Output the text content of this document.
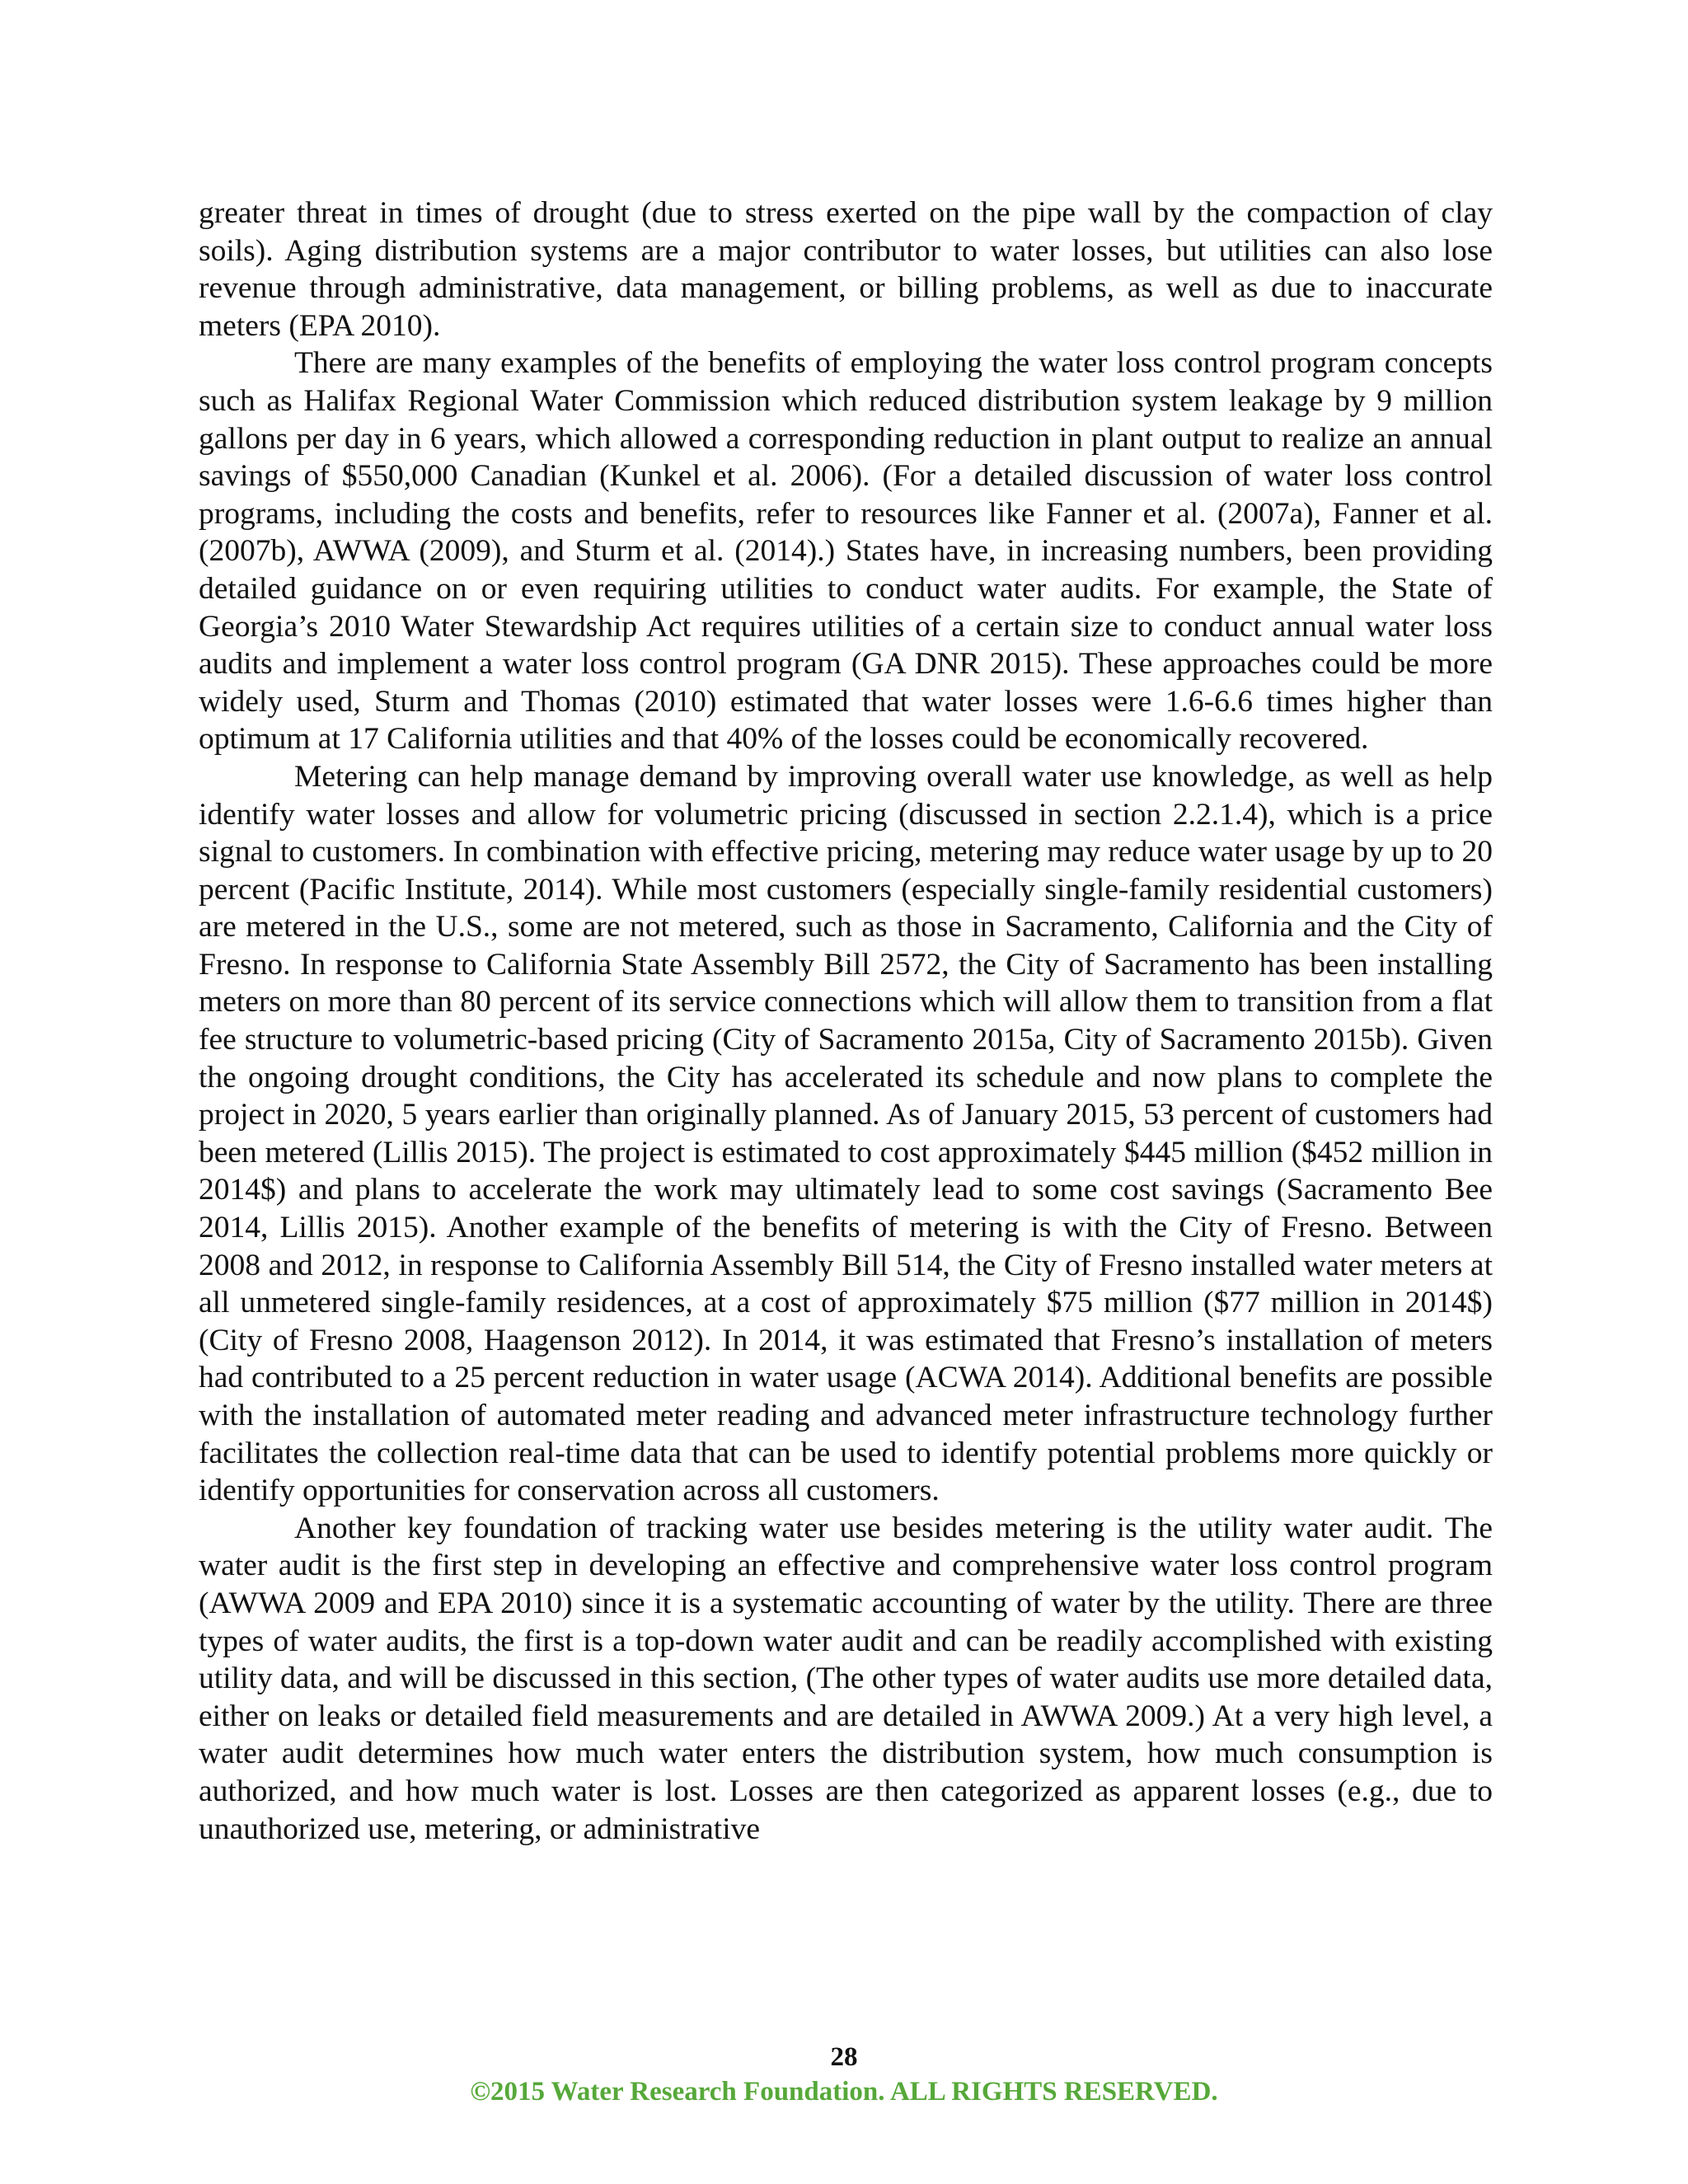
greater threat in times of drought (due to stress exerted on the pipe wall by the compaction of clay soils). Aging distribution systems are a major contributor to water losses, but utilities can also lose revenue through administrative, data management, or billing problems, as well as due to inaccurate meters (EPA 2010).

There are many examples of the benefits of employing the water loss control program concepts such as Halifax Regional Water Commission which reduced distribution system leakage by 9 million gallons per day in 6 years, which allowed a corresponding reduction in plant output to realize an annual savings of $550,000 Canadian (Kunkel et al. 2006). (For a detailed discussion of water loss control programs, including the costs and benefits, refer to resources like Fanner et al. (2007a), Fanner et al. (2007b), AWWA (2009), and Sturm et al. (2014).) States have, in increasing numbers, been providing detailed guidance on or even requiring utilities to conduct water audits. For example, the State of Georgia’s 2010 Water Stewardship Act requires utilities of a certain size to conduct annual water loss audits and implement a water loss control program (GA DNR 2015). These approaches could be more widely used, Sturm and Thomas (2010) estimated that water losses were 1.6-6.6 times higher than optimum at 17 California utilities and that 40% of the losses could be economically recovered.

Metering can help manage demand by improving overall water use knowledge, as well as help identify water losses and allow for volumetric pricing (discussed in section 2.2.1.4), which is a price signal to customers. In combination with effective pricing, metering may reduce water usage by up to 20 percent (Pacific Institute, 2014). While most customers (especially single-family residential customers) are metered in the U.S., some are not metered, such as those in Sacramento, California and the City of Fresno. In response to California State Assembly Bill 2572, the City of Sacramento has been installing meters on more than 80 percent of its service connections which will allow them to transition from a flat fee structure to volumetric-based pricing (City of Sacramento 2015a, City of Sacramento 2015b). Given the ongoing drought conditions, the City has accelerated its schedule and now plans to complete the project in 2020, 5 years earlier than originally planned. As of January 2015, 53 percent of customers had been metered (Lillis 2015). The project is estimated to cost approximately $445 million ($452 million in 2014$) and plans to accelerate the work may ultimately lead to some cost savings (Sacramento Bee 2014, Lillis 2015). Another example of the benefits of metering is with the City of Fresno. Between 2008 and 2012, in response to California Assembly Bill 514, the City of Fresno installed water meters at all unmetered single-family residences, at a cost of approximately $75 million ($77 million in 2014$) (City of Fresno 2008, Haagenson 2012). In 2014, it was estimated that Fresno’s installation of meters had contributed to a 25 percent reduction in water usage (ACWA 2014). Additional benefits are possible with the installation of automated meter reading and advanced meter infrastructure technology further facilitates the collection real-time data that can be used to identify potential problems more quickly or identify opportunities for conservation across all customers.

Another key foundation of tracking water use besides metering is the utility water audit. The water audit is the first step in developing an effective and comprehensive water loss control program (AWWA 2009 and EPA 2010) since it is a systematic accounting of water by the utility. There are three types of water audits, the first is a top-down water audit and can be readily accomplished with existing utility data, and will be discussed in this section, (The other types of water audits use more detailed data, either on leaks or detailed field measurements and are detailed in AWWA 2009.) At a very high level, a water audit determines how much water enters the distribution system, how much consumption is authorized, and how much water is lost. Losses are then categorized as apparent losses (e.g., due to unauthorized use, metering, or administrative

28
©2015 Water Research Foundation. ALL RIGHTS RESERVED.
